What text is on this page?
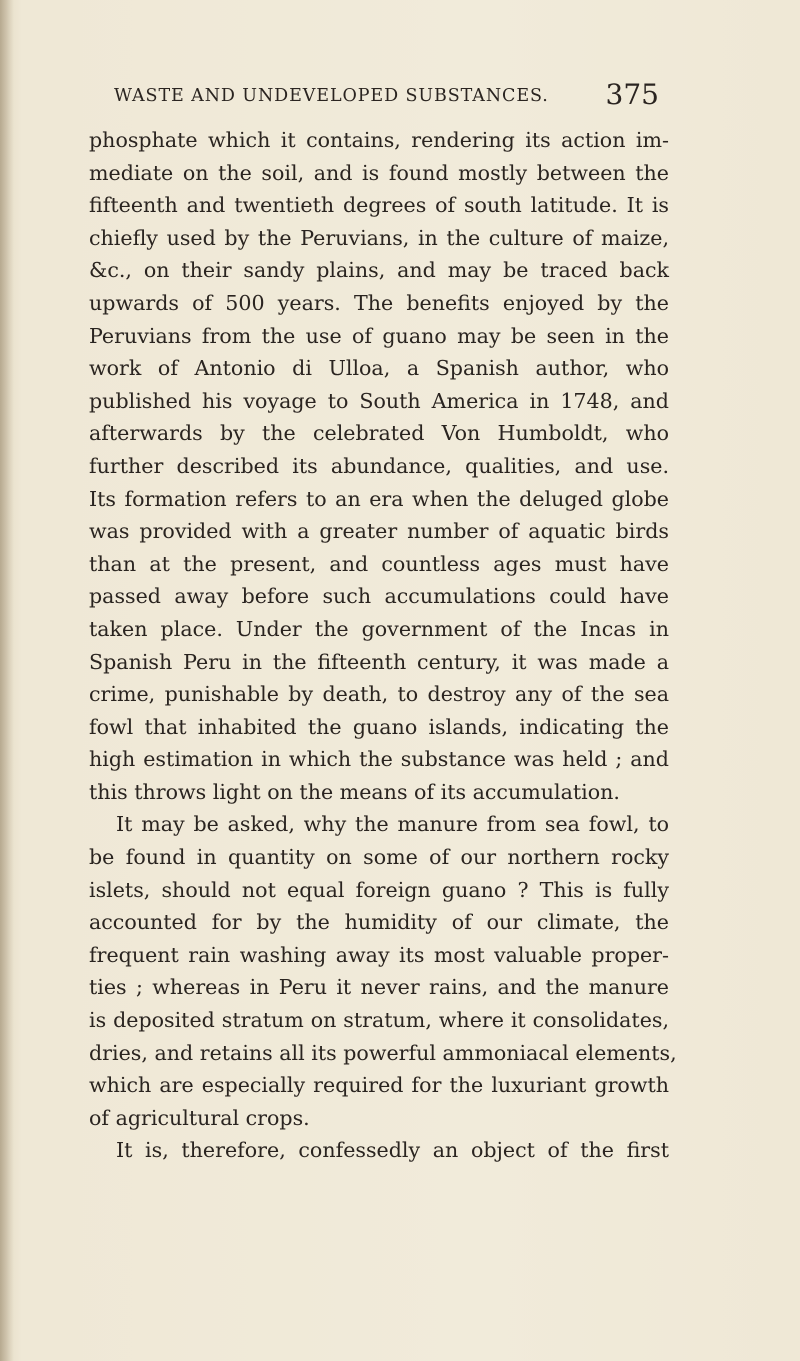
WASTE AND UNDEVELOPED SUBSTANCES. 375
phosphate which it contains, rendering its action im-
mediate on the soil, and is found mostly between the
fifteenth and twentieth degrees of south latitude. It is
chiefly used by the Peruvians, in the culture of maize,
&c., on their sandy plains, and may be traced back
upwards of 500 years. The benefits enjoyed by the
Peruvians from the use of guano may be seen in the
work of Antonio di Ulloa, a Spanish author, who
published his voyage to South America in 1748, and
afterwards by the celebrated Von Humboldt, who
further described its abundance, qualities, and use.
Its formation refers to an era when the deluged globe
was provided with a greater number of aquatic birds
than at the present, and countless ages must have
passed away before such accumulations could have
taken place. Under the government of the Incas in
Spanish Peru in the fifteenth century, it was made a
crime, punishable by death, to destroy any of the sea
fowl that inhabited the guano islands, indicating the
high estimation in which the substance was held ; and
this throws light on the means of its accumulation.
It may be asked, why the manure from sea fowl, to
be found in quantity on some of our northern rocky
islets, should not equal foreign guano ? This is fully
accounted for by the humidity of our climate, the
frequent rain washing away its most valuable proper-
ties ; whereas in Peru it never rains, and the manure
is deposited stratum on stratum, where it consolidates,
dries, and retains all its powerful ammoniacal elements,
which are especially required for the luxuriant growth
of agricultural crops.
It is, therefore, confessedly an object of the first
